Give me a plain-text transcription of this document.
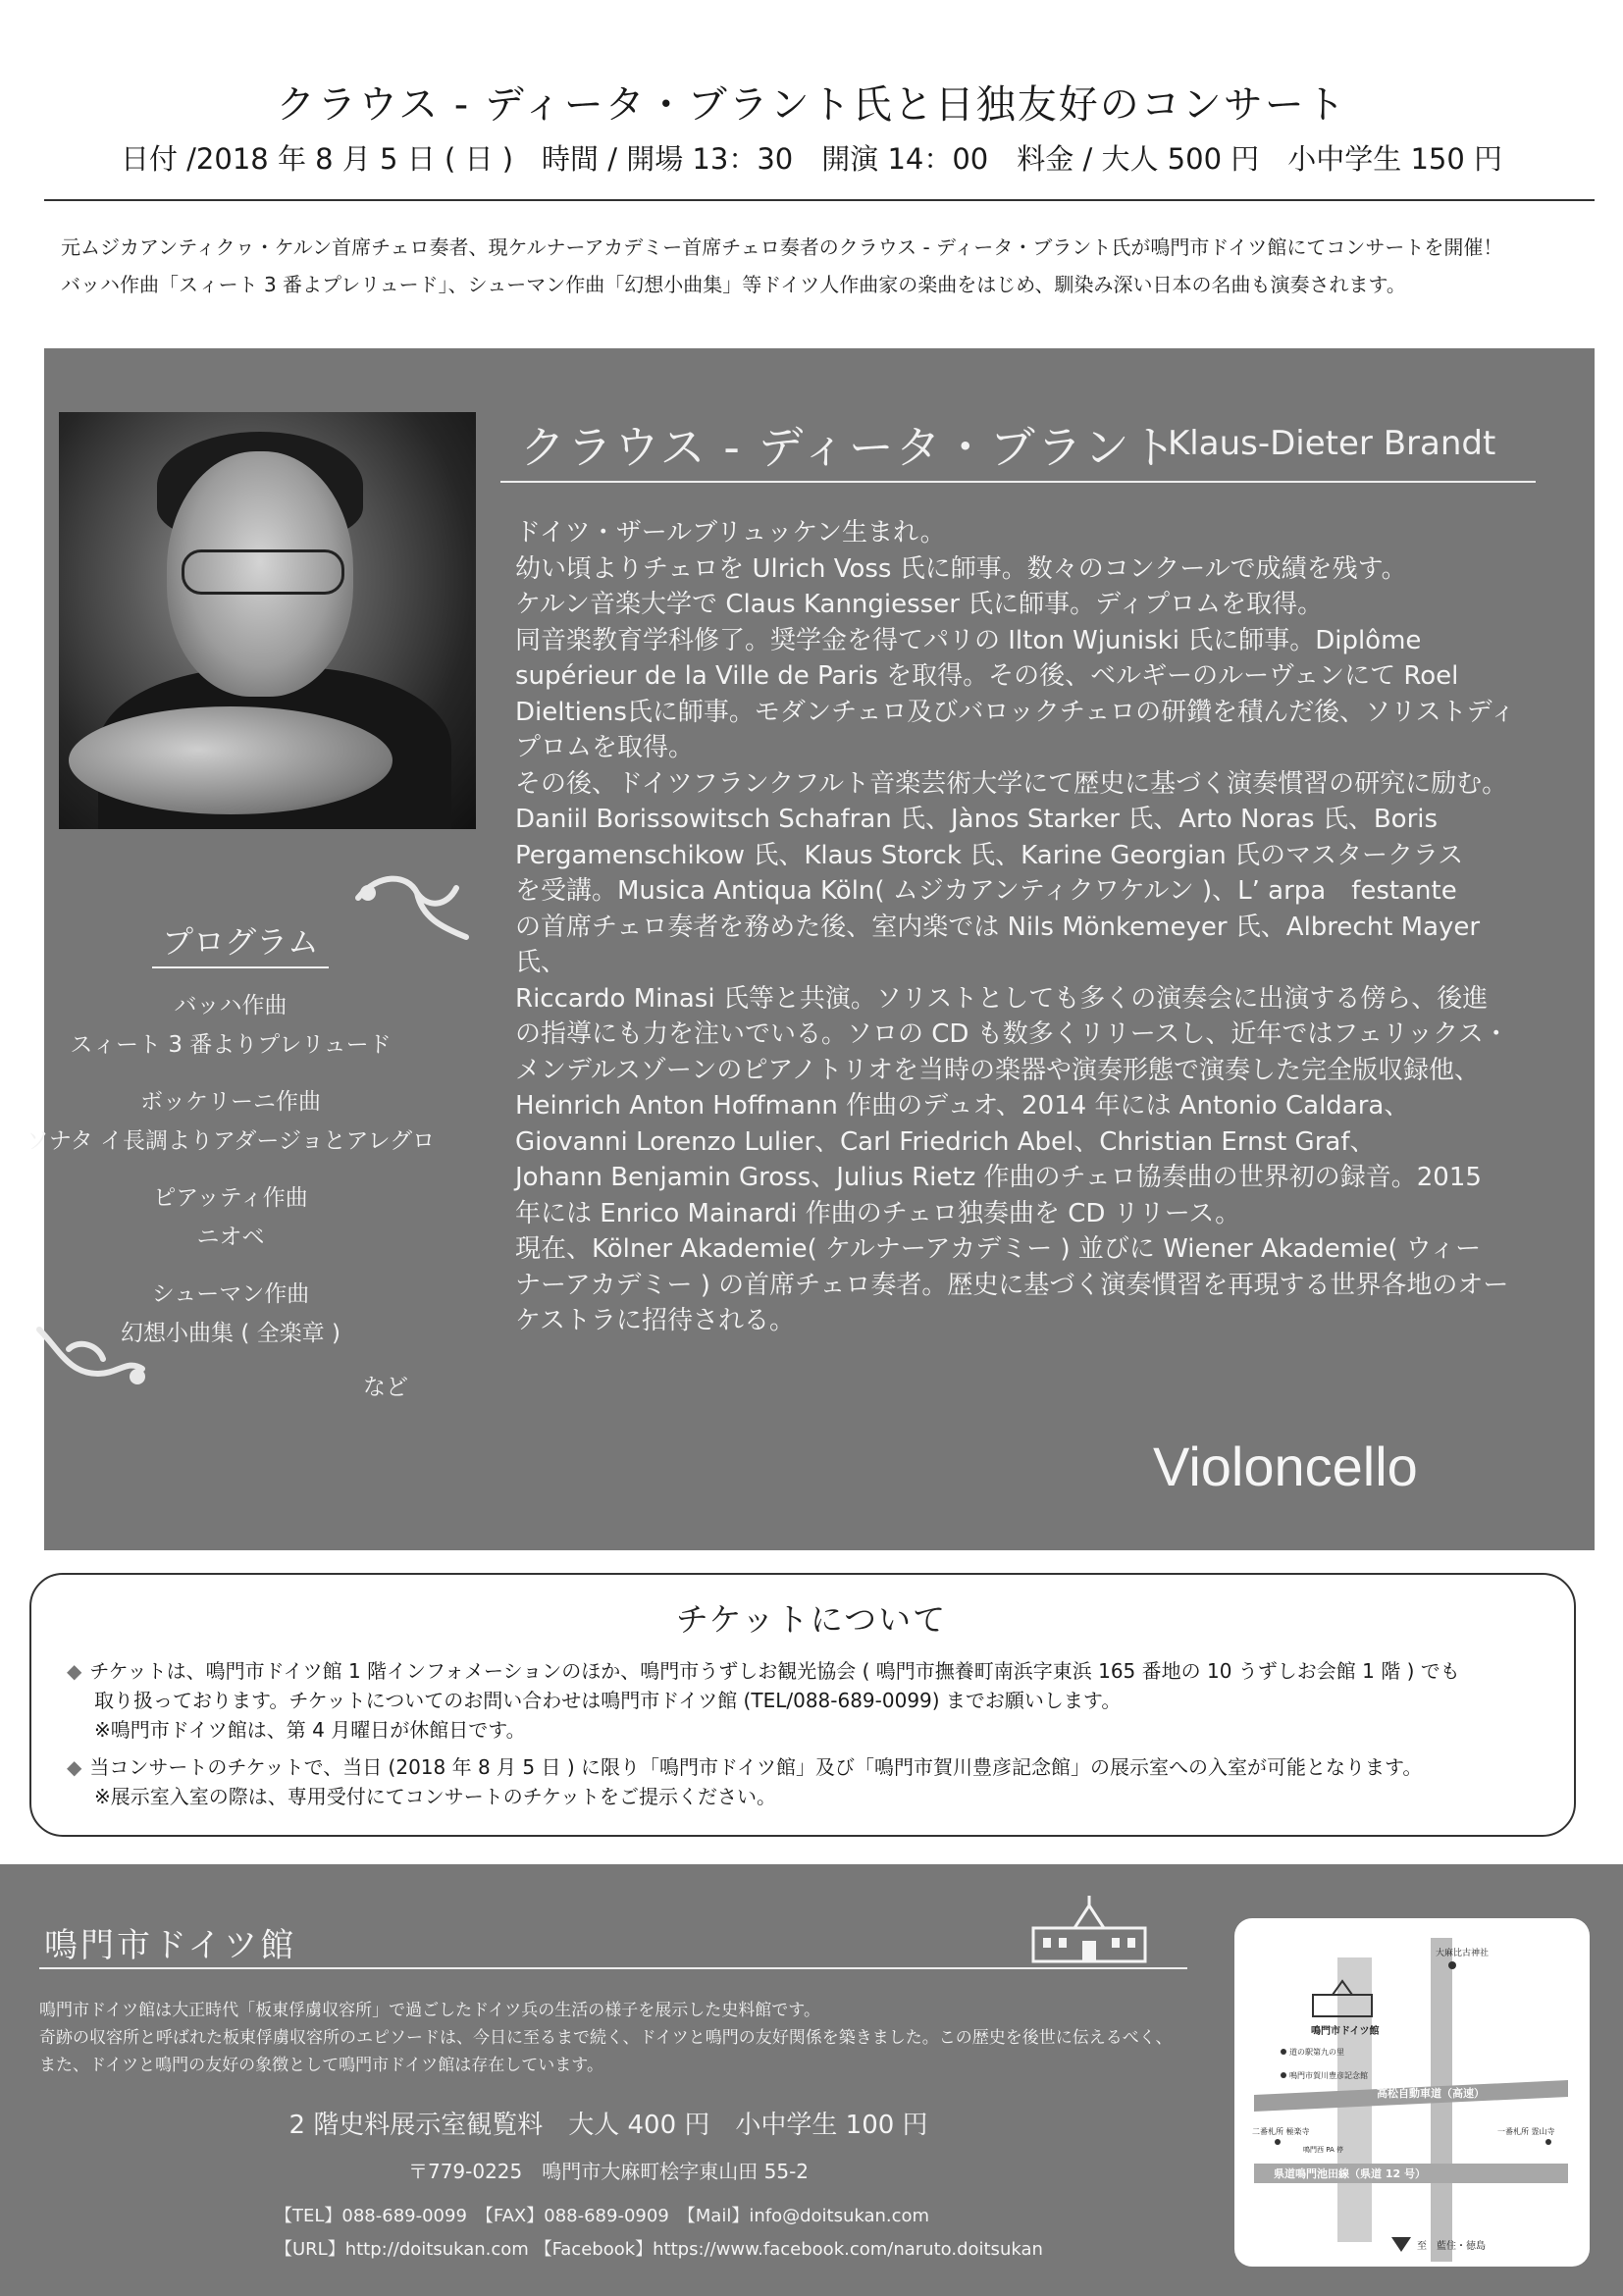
クラウス - ディータ・ブラント氏と日独友好のコンサート
日付 /2018 年 8 月 5 日 ( 日 )　時間 / 開場 13：30　開演 14：00　料金 / 大人 500 円　小中学生 150 円
元ムジカアンティクヮ・ケルン首席チェロ奏者、現ケルナーアカデミー首席チェロ奏者のクラウス - ディータ・ブラント氏が鳴門市ドイツ館にてコンサートを開催！
バッハ作曲「スィート 3 番よプレリュード」、シューマン作曲「幻想小曲集」等ドイツ人作曲家の楽曲をはじめ、馴染み深い日本の名曲も演奏されます。
クラウス - ディータ・ブラント
Klaus-Dieter Brandt

ドイツ・ザールブリュッケン生まれ。

幼い頃よりチェロを Ulrich Voss 氏に師事。数々のコンクールで成績を残す。

ケルン音楽大学で Claus Kanngiesser 氏に師事。ディプロムを取得。

同音楽教育学科修了。奨学金を得てパリの Ilton Wjuniski 氏に師事。Diplôme

supérieur de la Ville de Paris を取得。その後、ベルギーのルーヴェンにて Roel

Dieltiens氏に師事。モダンチェロ及びバロックチェロの研鑽を積んだ後、ソリストディ

プロムを取得。

その後、ドイツフランクフルト音楽芸術大学にて歴史に基づく演奏慣習の研究に励む。

Daniil Borissowitsch Schafran 氏、Jànos Starker 氏、Arto Noras 氏、Boris

Pergamenschikow 氏、Klaus Storck 氏、Karine Georgian 氏のマスタークラス

を受講。Musica Antiqua Köln( ムジカアンティクワケルン )、L’ arpa　festante

の首席チェロ奏者を務めた後、室内楽では Nils Mönkemeyer 氏、Albrecht Mayer 氏、

Riccardo Minasi 氏等と共演。ソリストとしても多くの演奏会に出演する傍ら、後進

の指導にも力を注いでいる。ソロの CD も数多くリリースし、近年ではフェリックス・

メンデルスゾーンのピアノトリオを当時の楽器や演奏形態で演奏した完全版収録他、

Heinrich Anton Hoffmann 作曲のデュオ、2014 年には Antonio Caldara、

Giovanni Lorenzo Lulier、Carl Friedrich Abel、Christian Ernst Graf、

Johann Benjamin Gross、Julius Rietz 作曲のチェロ協奏曲の世界初の録音。2015

年には Enrico Mainardi 作曲のチェロ独奏曲を CD リリース。

現在、Kölner Akademie( ケルナーアカデミー ) 並びに Wiener Akademie( ウィー

ナーアカデミー ) の首席チェロ奏者。歴史に基づく演奏慣習を再現する世界各地のオー

ケストラに招待される。

プログラム
バッハ作曲
スィート 3 番よりプレリュード
ボッケリーニ作曲
ソナタ イ長調よりアダージョとアレグロ
ピアッティ作曲
ニオベ
シューマン作曲
幻想小曲集 ( 全楽章 )
など
Violoncello
チケットについて
◆ チケットは、鳴門市ドイツ館 1 階インフォメーションのほか、鳴門市うずしお観光協会 ( 鳴門市撫養町南浜字東浜 165 番地の 10 うずしお会館 1 階 ) でも
取り扱っております。チケットについてのお問い合わせは鳴門市ドイツ館 (TEL/088-689-0099) までお願いします。
※鳴門市ドイツ館は、第 4 月曜日が休館日です。
◆ 当コンサートのチケットで、当日 (2018 年 8 月 5 日 ) に限り「鳴門市ドイツ館」及び「鳴門市賀川豊彦記念館」の展示室への入室が可能となります。
※展示室入室の際は、専用受付にてコンサートのチケットをご提示ください。
鳴門市ドイツ館
鳴門市ドイツ館は大正時代「板東俘虜収容所」で過ごしたドイツ兵の生活の様子を展示した史料館です。
奇跡の収容所と呼ばれた板東俘虜収容所のエピソードは、今日に至るまで続く、ドイツと鳴門の友好関係を築きました。この歴史を後世に伝えるべく、
また、ドイツと鳴門の友好の象徴として鳴門市ドイツ館は存在しています。
2 階史料展示室観覧料　大人 400 円　小中学生 100 円
〒779-0225　鳴門市大麻町桧字東山田 55-2
【TEL】088-689-0099　【FAX】088-689-0909　【Mail】info@doitsukan.com
【URL】http://doitsukan.com 【Facebook】https://www.facebook.com/naruto.doitsukan
大麻比古神社
鳴門市ドイツ館
道の駅第九の里
鳴門市賀川豊彦記念館
高松自動車道（高速）
県道鳴門池田線（県道 12 号）
二番札所 極楽寺	一番札所 霊山寺
鳴門西 PA 停
至　藍住・徳島
